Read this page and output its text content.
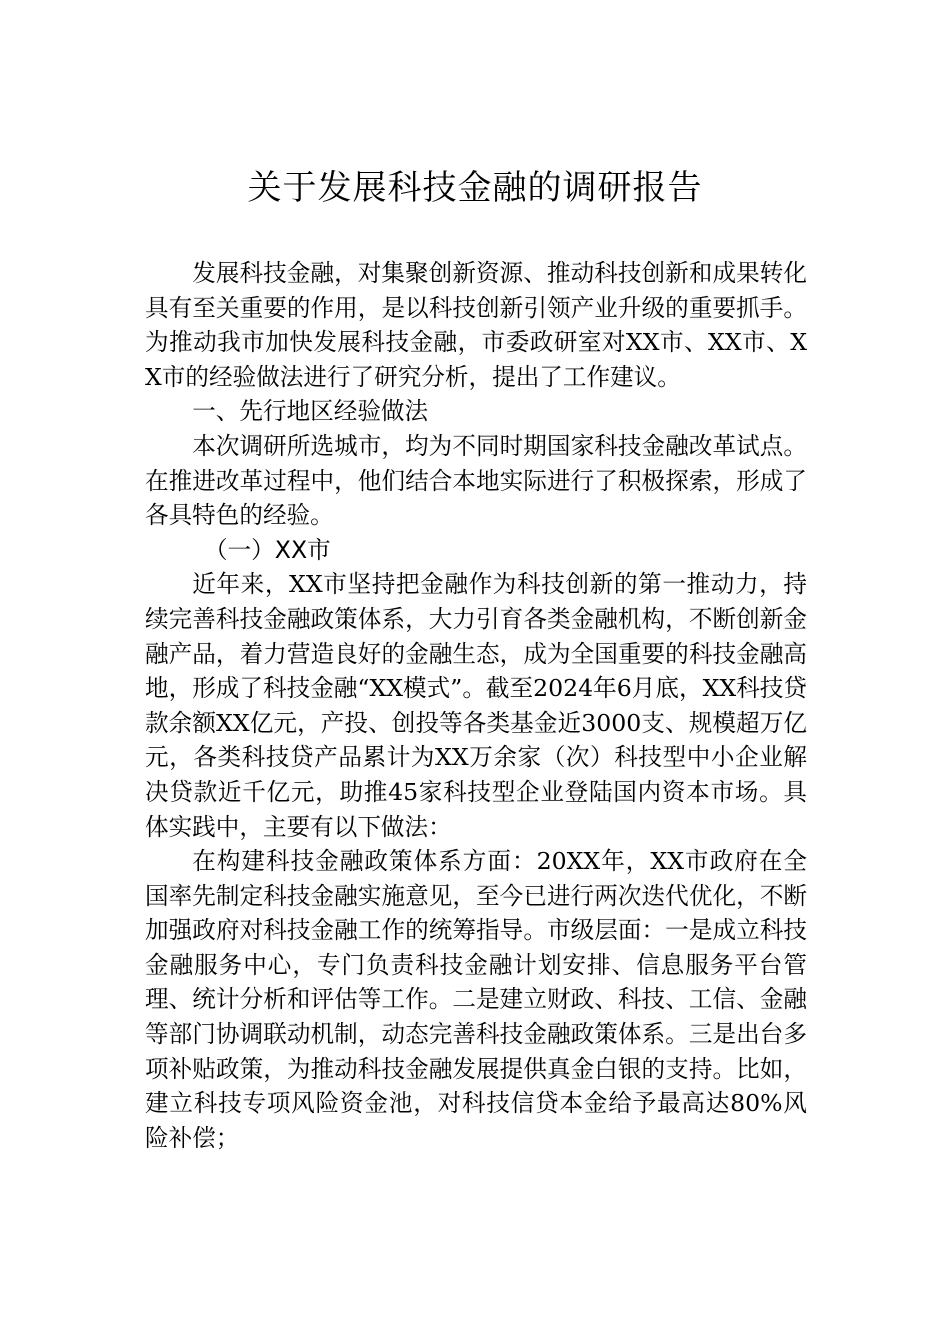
关于发展科技金融的调研报告

发展科技金融，对集聚创新资源、推动科技创新和成果转化具有至关重要的作用，是以科技创新引领产业升级的重要抓手。为推动我市加快发展科技金融，市委政研室对XX市、XX市、XX市的经验做法进行了研究分析，提出了工作建议。

一、先行地区经验做法

本次调研所选城市，均为不同时期国家科技金融改革试点。在推进改革过程中，他们结合本地实际进行了积极探索，形成了各具特色的经验。

（一）XX市

近年来，XX市坚持把金融作为科技创新的第一推动力，持续完善科技金融政策体系，大力引育各类金融机构，不断创新金融产品，着力营造良好的金融生态，成为全国重要的科技金融高地，形成了科技金融“XX模式”。截至2024年6月底，XX科技贷款余额XX亿元，产投、创投等各类基金近3000支、规模超万亿元，各类科技贷产品累计为XX万余家（次）科技型中小企业解决贷款近千亿元，助推45家科技型企业登陆国内资本市场。具体实践中，主要有以下做法：

在构建科技金融政策体系方面：20XX年，XX市政府在全国率先制定科技金融实施意见，至今已进行两次迭代优化，不断加强政府对科技金融工作的统筹指导。市级层面：一是成立科技金融服务中心，专门负责科技金融计划安排、信息服务平台管理、统计分析和评估等工作。二是建立财政、科技、工信、金融等部门协调联动机制，动态完善科技金融政策体系。三是出台多项补贴政策，为推动科技金融发展提供真金白银的支持。比如，建立科技专项风险资金池，对科技信贷本金给予最高达80%风险补偿；
